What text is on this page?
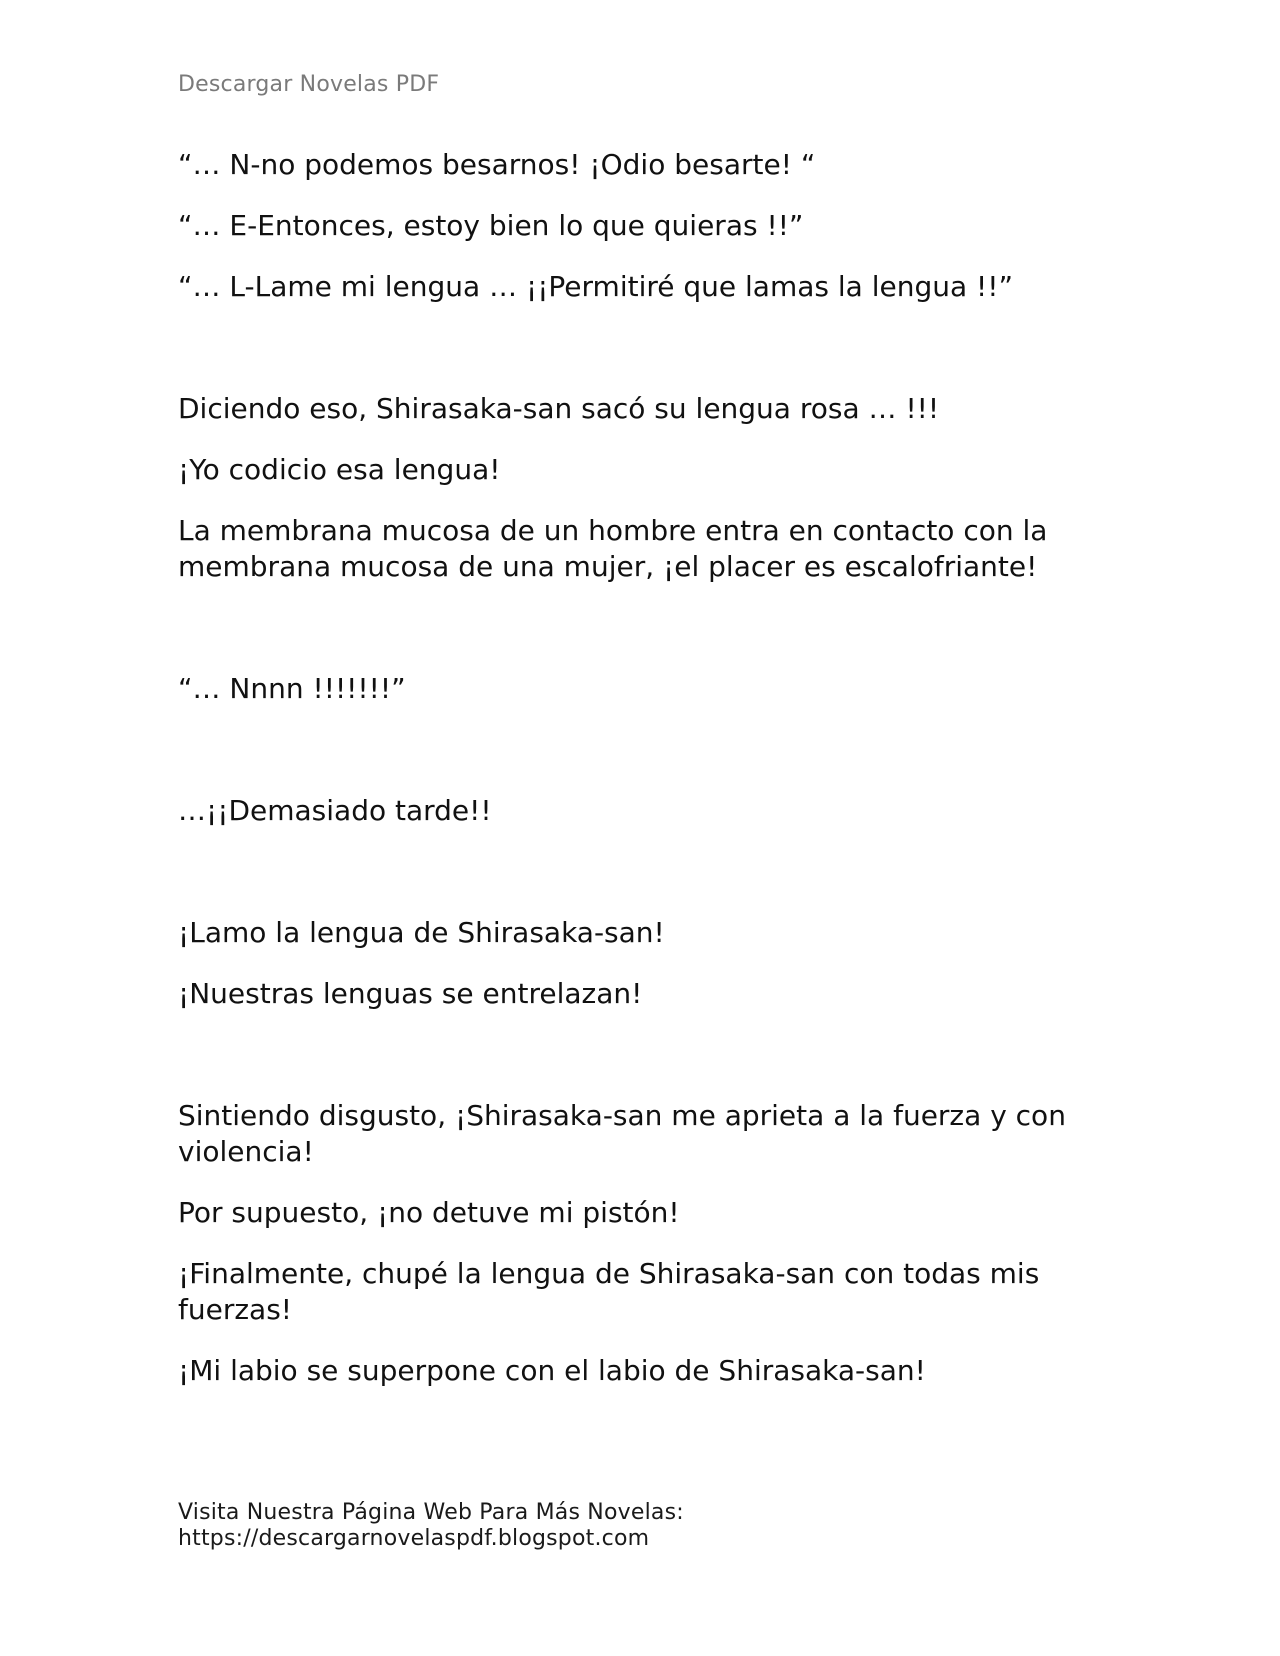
Descargar Novelas PDF

“… N-no podemos besarnos! ¡Odio besarte! “

“… E-Entonces, estoy bien lo que quieras !!”

“… L-Lame mi lengua … ¡¡Permitiré que lamas la lengua !!”

Diciendo eso, Shirasaka-san sacó su lengua rosa … !!!

¡Yo codicio esa lengua!

La membrana mucosa de un hombre entra en contacto con la membrana mucosa de una mujer, ¡el placer es escalofriante!

“… Nnnn !!!!!!!”

…¡¡Demasiado tarde!!

¡Lamo la lengua de Shirasaka-san!

¡Nuestras lenguas se entrelazan!

Sintiendo disgusto, ¡Shirasaka-san me aprieta a la fuerza y con violencia!

Por supuesto, ¡no detuve mi pistón!

¡Finalmente, chupé la lengua de Shirasaka-san con todas mis fuerzas!

¡Mi labio se superpone con el labio de Shirasaka-san!

Visita Nuestra Página Web Para Más Novelas:
https://descargarnovelaspdf.blogspot.com
